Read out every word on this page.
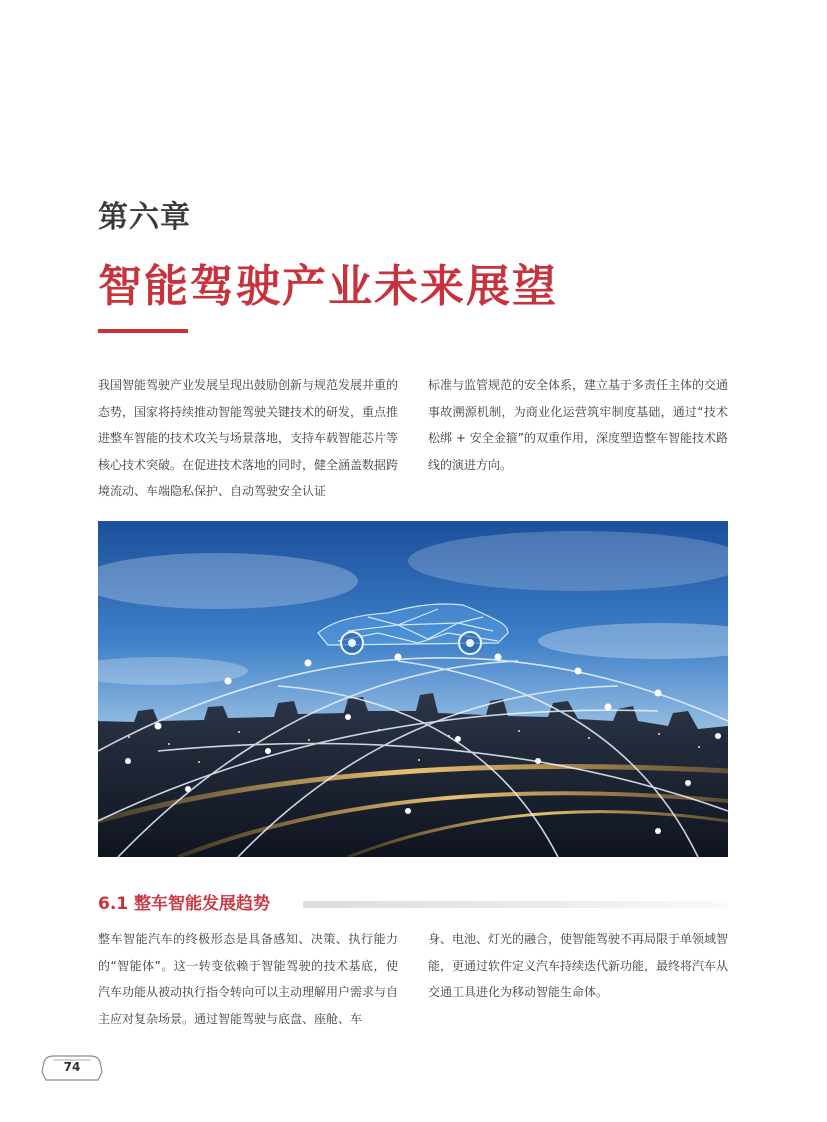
第六章
智能驾驶产业未来展望
我国智能驾驶产业发展呈现出鼓励创新与规范发展并重的态势，国家将持续推动智能驾驶关键技术的研发，重点推进整车智能的技术攻关与场景落地，支持车载智能芯片等核心技术突破。在促进技术落地的同时，健全涵盖数据跨境流动、车端隐私保护、自动驾驶安全认证
标准与监管规范的安全体系，建立基于多责任主体的交通事故溯源机制，为商业化运营筑牢制度基础，通过“技术松绑 + 安全金箍”的双重作用，深度塑造整车智能技术路线的演进方向。
6.1 整车智能发展趋势
整车智能汽车的终极形态是具备感知、决策、执行能力的“智能体”。这一转变依赖于智能驾驶的技术基底，使汽车功能从被动执行指令转向可以主动理解用户需求与自主应对复杂场景。通过智能驾驶与底盘、座舱、车
身、电池、灯光的融合，使智能驾驶不再局限于单领域智能，更通过软件定义汽车持续迭代新功能，最终将汽车从交通工具进化为移动智能生命体。
74
